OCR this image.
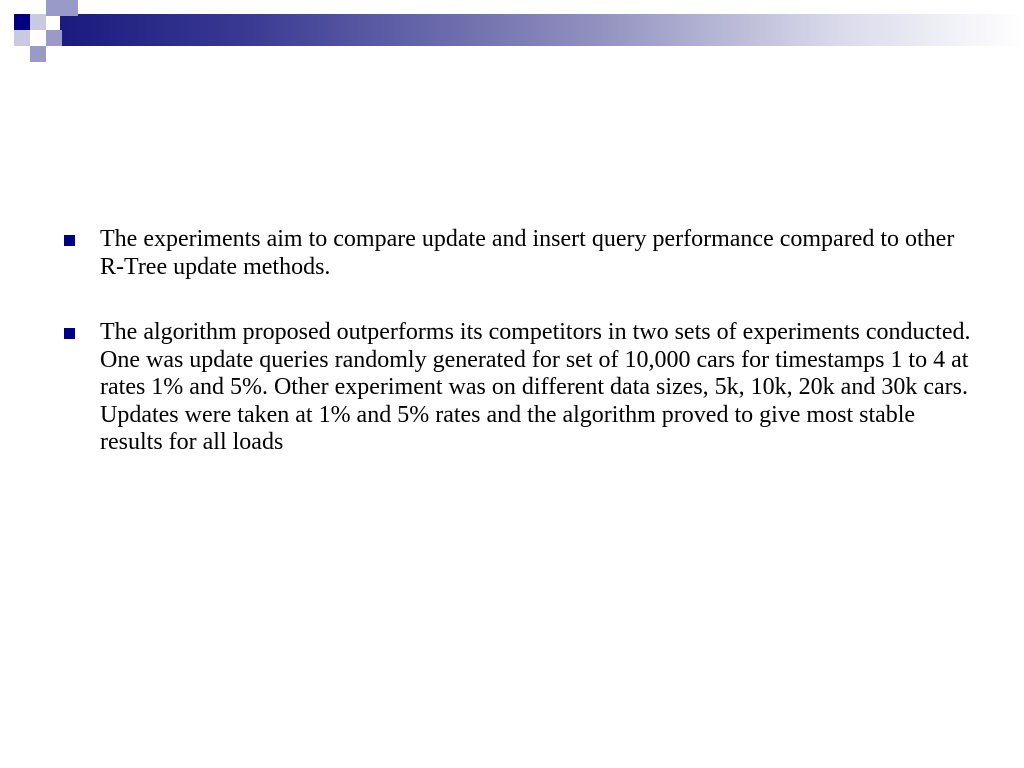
The experiments aim to compare update and insert query performance compared to other R-Tree update methods.
The algorithm proposed outperforms its competitors in two sets of experiments conducted. One was update queries randomly generated for set of 10,000 cars for timestamps 1 to 4 at rates 1% and 5%. Other experiment was on different data sizes, 5k, 10k, 20k and 30k cars. Updates were taken at 1% and 5% rates and the algorithm proved to give most stable results for all loads
